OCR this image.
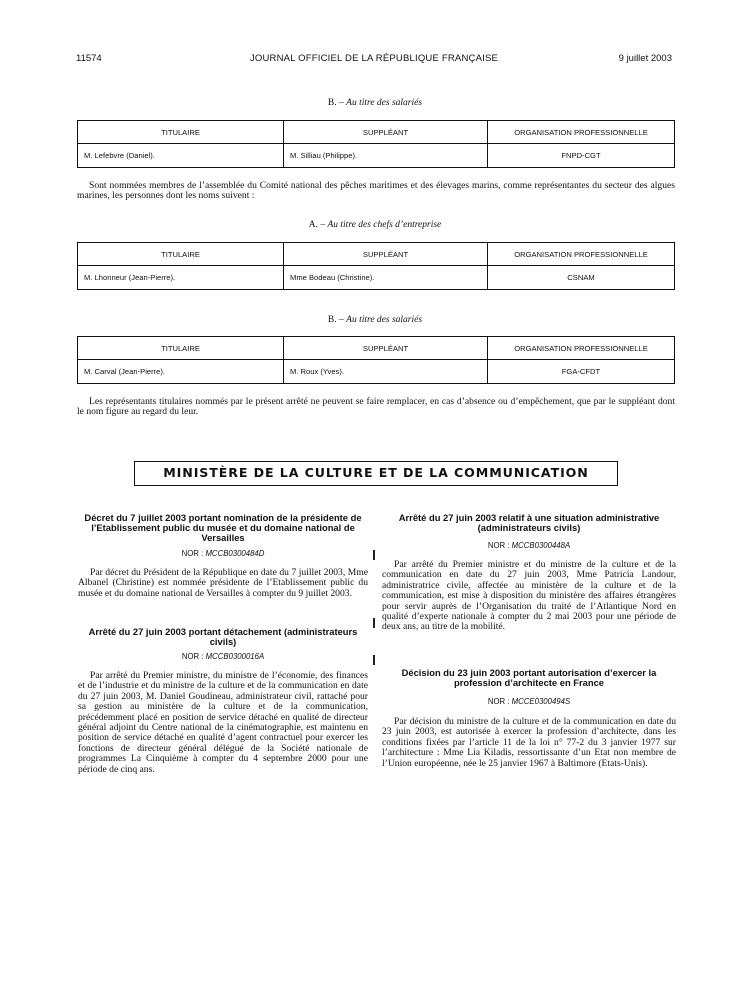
11574	JOURNAL OFFICIEL DE LA RÉPUBLIQUE FRANÇAISE	9 juillet 2003
B. – Au titre des salariés
TITULAIRE	SUPPLÉANT	ORGANISATION PROFESSIONNELLE
M. Lefebvre (Daniel).	M. Silliau (Philippe).	FNPD-CGT
Sont nommées membres de l’assemblée du Comité national des pêches maritimes et des élevages marins, comme représentantes du secteur des algues marines, les personnes dont les noms suivent :
A. – Au titre des chefs d’entreprise
TITULAIRE	SUPPLÉANT	ORGANISATION PROFESSIONNELLE
M. Lhonneur (Jean-Pierre).	Mme Bodeau (Christine).	CSNAM
B. – Au titre des salariés
TITULAIRE	SUPPLÉANT	ORGANISATION PROFESSIONNELLE
M. Carval (Jean-Pierre).	M. Roux (Yves).	FGA-CFDT
Les représentants titulaires nommés par le présent arrêté ne peuvent se faire remplacer, en cas d’absence ou d’empêchement, que par le suppléant dont le nom figure au regard du leur.
MINISTÈRE DE LA CULTURE ET DE LA COMMUNICATION
Décret du 7 juillet 2003 portant nomination de la présidente de l’Etablissement public du musée et du domaine national de Versailles
NOR : MCCB0300484D
Par décret du Président de la République en date du 7 juillet 2003, Mme Albanel (Christine) est nommée présidente de l’Etablissement public du musée et du domaine national de Versailles à compter du 9 juillet 2003.
Arrêté du 27 juin 2003 portant détachement (administrateurs civils)
NOR : MCCB0300016A
Par arrêté du Premier ministre, du ministre de l’économie, des finances et de l’industrie et du ministre de la culture et de la communication en date du 27 juin 2003, M. Daniel Goudineau, administrateur civil, rattaché pour sa gestion au ministère de la culture et de la communication, précédemment placé en position de service détaché en qualité de directeur général adjoint du Centre national de la cinématographie, est maintenu en position de service détaché en qualité d’agent contractuel pour exercer les fonctions de directeur général délégué de la Société nationale de programmes La Cinquième à compter du 4 septembre 2000 pour une période de cinq ans.
Arrêté du 27 juin 2003 relatif à une situation administrative (administrateurs civils)
NOR : MCCB0300448A
Par arrêté du Premier ministre et du ministre de la culture et de la communication en date du 27 juin 2003, Mme Patricia Landour, administratrice civile, affectée au ministère de la culture et de la communication, est mise à disposition du ministère des affaires étrangères pour servir auprès de l’Organisation du traité de l’Atlantique Nord en qualité d’experte nationale à compter du 2 mai 2003 pour une période de deux ans, au titre de la mobilité.
Décision du 23 juin 2003 portant autorisation d’exercer la profession d’architecte en France
NOR : MCCE0300494S
Par décision du ministre de la culture et de la communication en date du 23 juin 2003, est autorisée à exercer la profession d’architecte, dans les conditions fixées par l’article 11 de la loi n° 77-2 du 3 janvier 1977 sur l’architecture : Mme Lia Kiladis, ressortissante d’un Etat non membre de l’Union européenne, née le 25 janvier 1967 à Baltimore (Etats-Unis).
